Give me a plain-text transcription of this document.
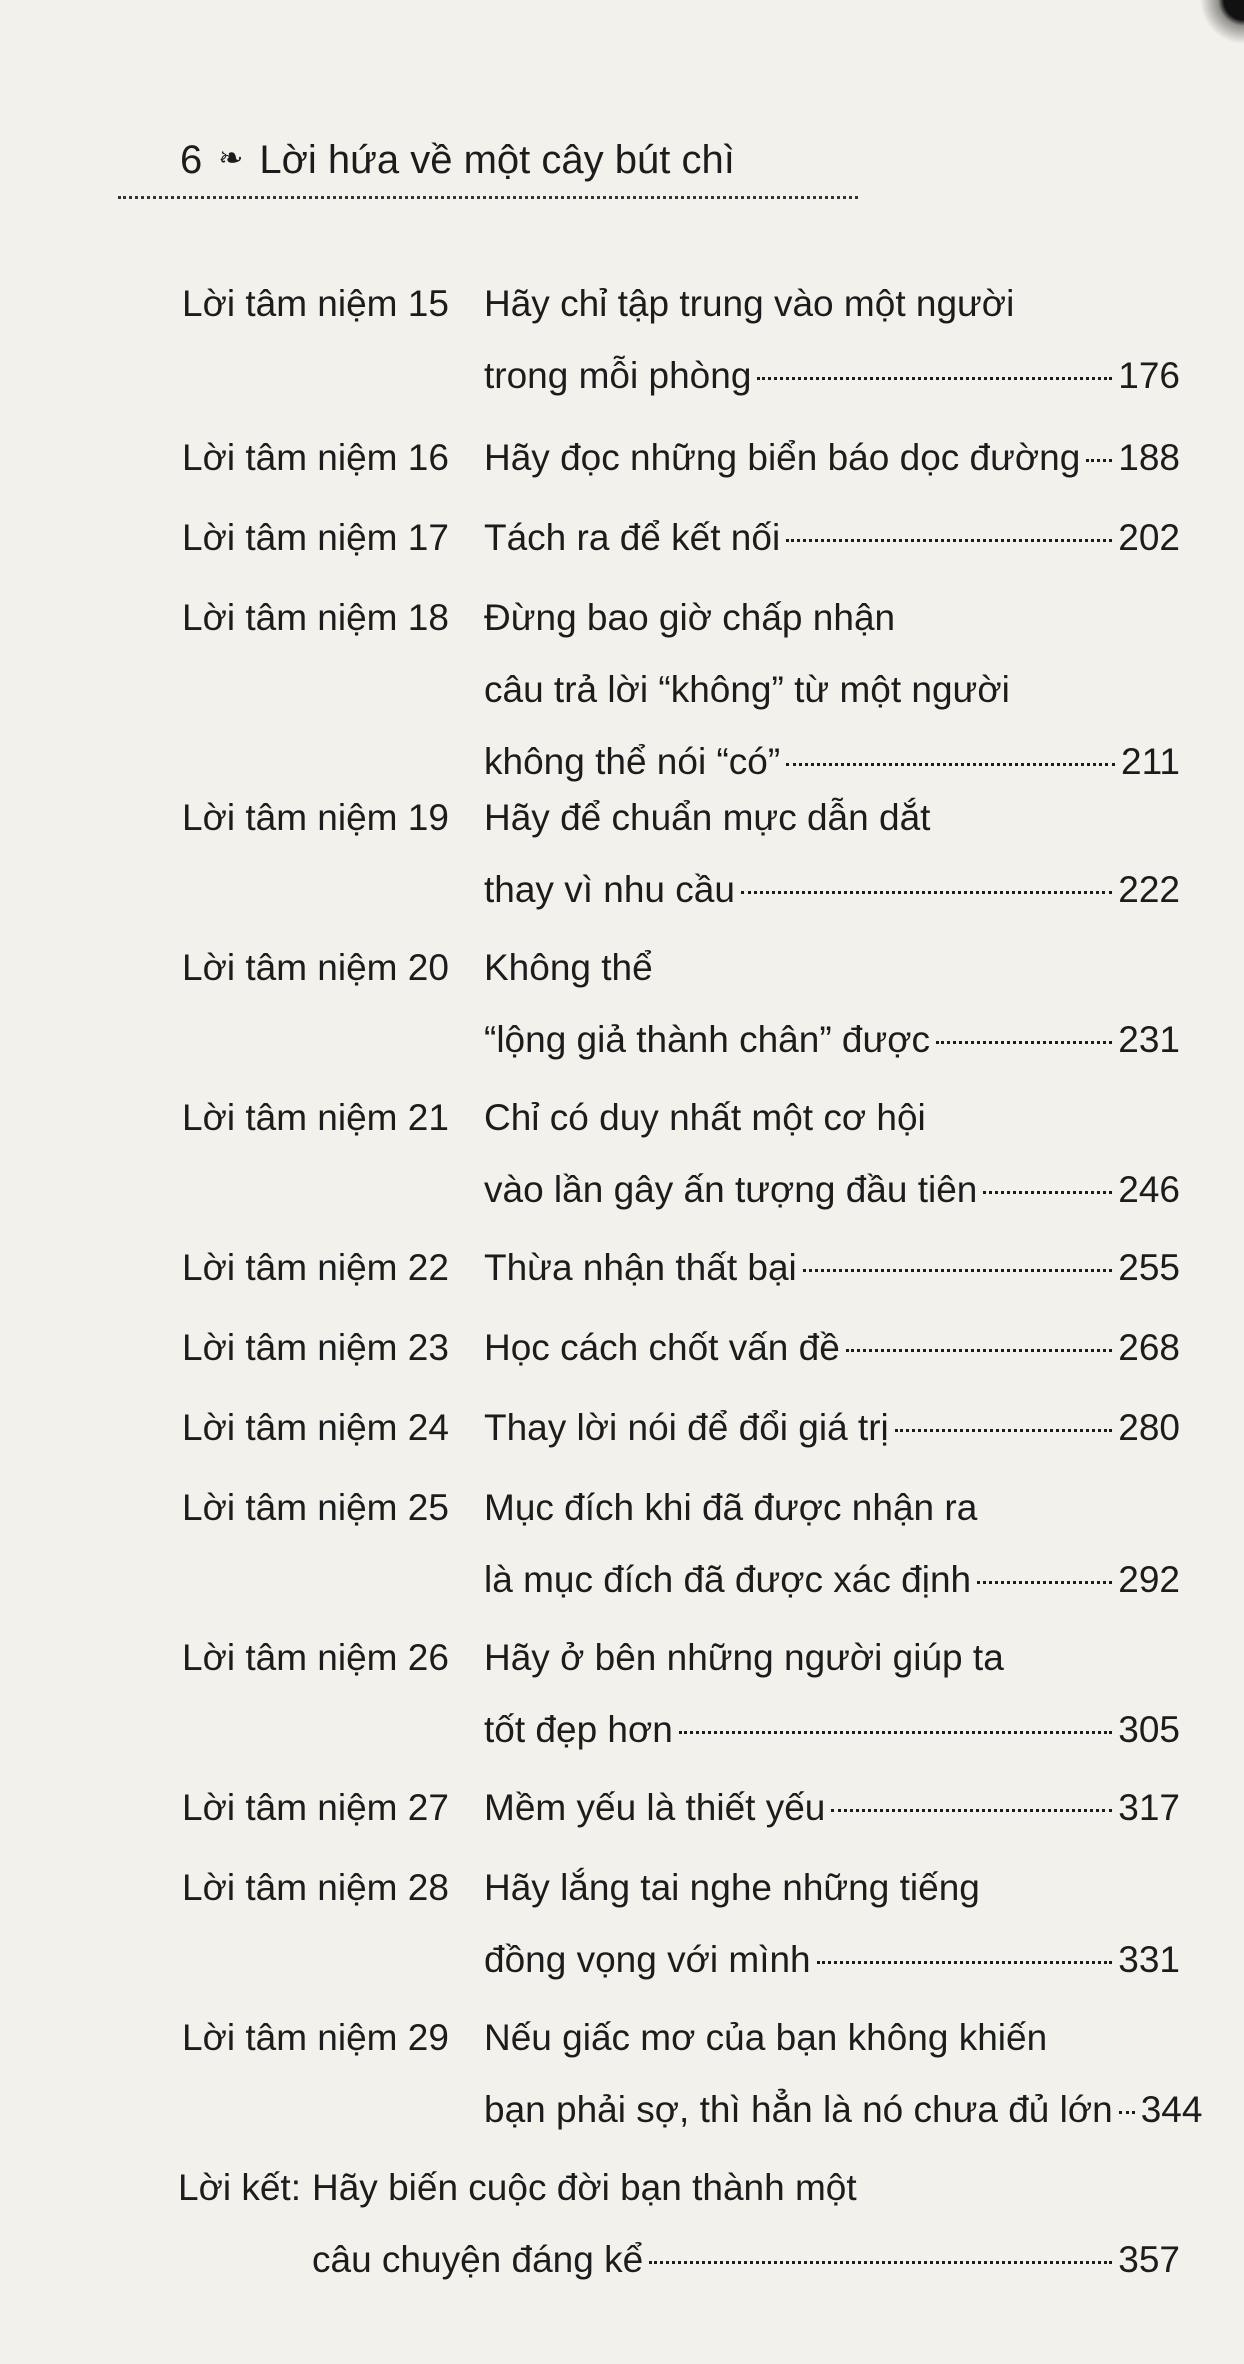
6 ❧ Lời hứa về một cây bút chì
Lời tâm niệm 15 Hãy chỉ tập trung vào một người
trong mỗi phòng	176
Lời tâm niệm 16 Hãy đọc những biển báo dọc đường 188
Lời tâm niệm 17 Tách ra để kết nối	202
Lời tâm niệm 18 Đừng bao giờ chấp nhận
câu trả lời “không” từ một người
không thể nói “có”	211
Lời tâm niệm 19 Hãy để chuẩn mực dẫn dắt
thay vì nhu cầu	222
Lời tâm niệm 20 Không thể
“lộng giả thành chân” được	231
Lời tâm niệm 21 Chỉ có duy nhất một cơ hội
vào lần gây ấn tượng đầu tiên	246
Lời tâm niệm 22 Thừa nhận thất bại	255
Lời tâm niệm 23 Học cách chốt vấn đề	268
Lời tâm niệm 24 Thay lời nói để đổi giá trị	280
Lời tâm niệm 25 Mục đích khi đã được nhận ra
là mục đích đã được xác định	292
Lời tâm niệm 26 Hãy ở bên những người giúp ta
tốt đẹp hơn	305
Lời tâm niệm 27 Mềm yếu là thiết yếu	317
Lời tâm niệm 28 Hãy lắng tai nghe những tiếng
đồng vọng với mình	331
Lời tâm niệm 29 Nếu giấc mơ của bạn không khiến
bạn phải sợ, thì hẳn là nó chưa đủ lớn 344
Lời kết: Hãy biến cuộc đời bạn thành một
câu chuyện đáng kể	357
